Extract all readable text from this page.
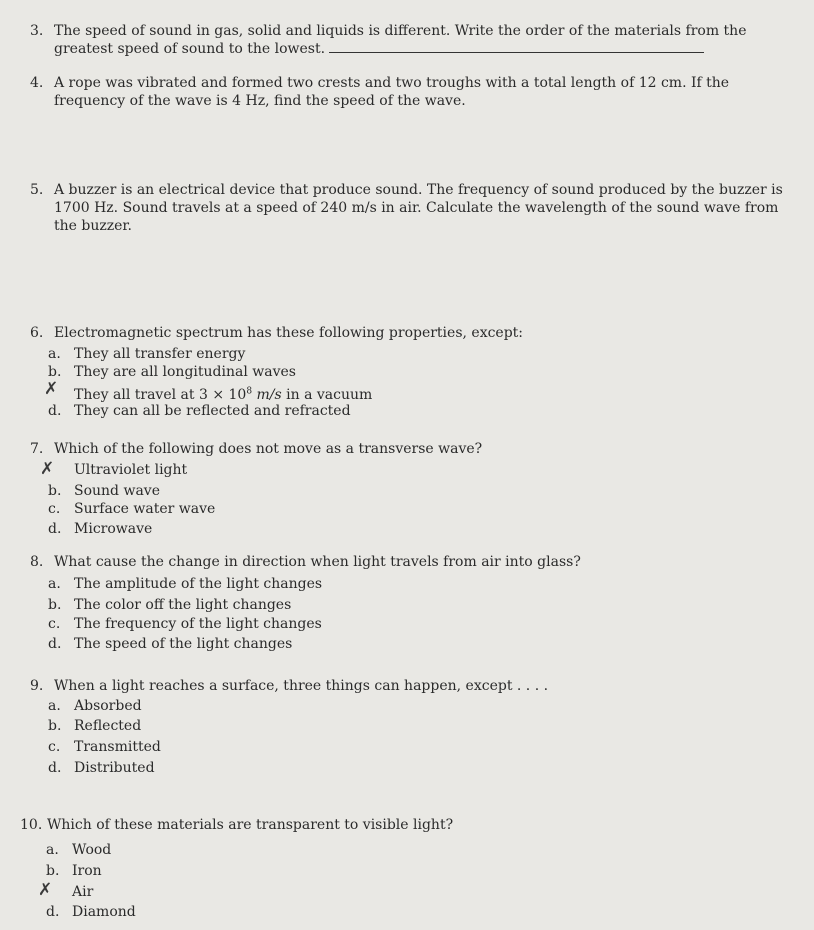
3. The speed of sound in gas, solid and liquids is different. Write the order of the materials from the
greatest speed of sound to the lowest.
4. A rope was vibrated and formed two crests and two troughs with a total length of 12 cm. If the
frequency of the wave is 4 Hz, find the speed of the wave.
5. A buzzer is an electrical device that produce sound. The frequency of sound produced by the buzzer is
1700 Hz. Sound travels at a speed of 240 m/s in air. Calculate the wavelength of the sound wave from
the buzzer.
6. Electromagnetic spectrum has these following properties, except:
a. They all transfer energy
b. They are all longitudinal waves
They all travel at $3 \times 10^8$ m/s in a vacuum
✗
d. They can all be reflected and refracted
7. Which of the following does not move as a transverse wave?
Ultraviolet light
✗
b. Sound wave
c. Surface water wave
d. Microwave
8. What cause the change in direction when light travels from air into glass?
a. The amplitude of the light changes
b. The color off the light changes
c. The frequency of the light changes
d. The speed of the light changes
9. When a light reaches a surface, three things can happen, except . . . .
a. Absorbed
b. Reflected
c. Transmitted
d. Distributed
10. Which of these materials are transparent to visible light?
a. Wood
b. Iron
Air
✗
d. Diamond
